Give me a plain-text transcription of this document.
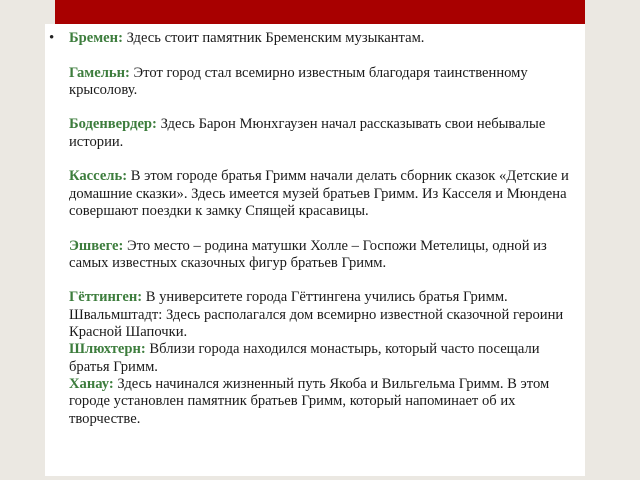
• Бремен: Здесь стоит памятник Бременским музыкантам.

Гамельн: Этот город стал всемирно известным благодаря таинственному крысолову.

Боденвердер: Здесь Барон Мюнхгаузен начал рассказывать свои небывалые истории.

Кассель: В этом городе братья Гримм начали делать сборник сказок «Детские и домашние сказки». Здесь имеется музей братьев Гримм. Из Касселя и Мюндена совершают поездки к замку Спящей красавицы.

Эшвеге: Это место – родина матушки Холле – Госпожи Метелицы, одной из самых известных сказочных фигур братьев Гримм.

Гёттинген: В университете города Гёттингена учились братья Гримм. Швальмштадт: Здесь располагался дом всемирно известной сказочной героини Красной Шапочки.

Шлюхтерн: Вблизи города находился монастырь, который часто посещали братья Гримм.

Ханау: Здесь начинался жизненный путь Якоба и Вильгельма Гримм. В этом городе установлен памятник братьев Гримм, который напоминает об их творчестве.
